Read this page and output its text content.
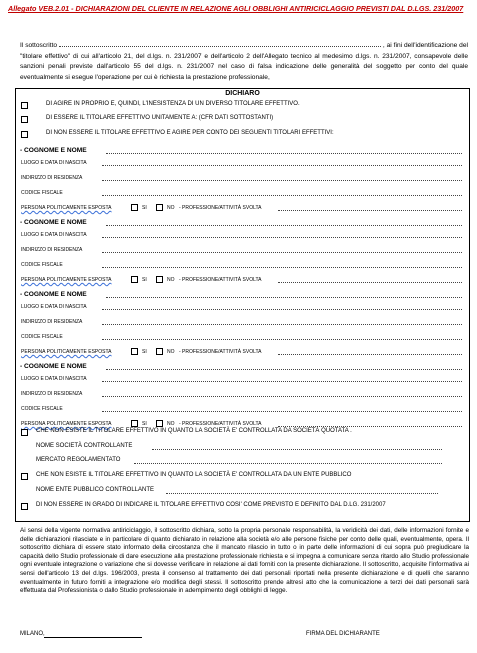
Allegato VEB.2.01 - DICHIARAZIONI DEL CLIENTE IN RELAZIONE AGLI OBBLIGHI ANTIRICICLAGGIO PREVISTI DAL D.LGS. 231/2007
Il sottoscritto	, ai fini dell'identificazione del "titolare effettivo" di cui all'articolo 21, del d.lgs. n. 231/2007 e dell'articolo 2 dell'Allegato tecnico al medesimo d.lgs. n. 231/2007, consapevole delle sanzioni penali previste dall'articolo 55 del d.lgs. n. 231/2007 nel caso di falsa indicazione delle generalità del soggetto per conto del quale eventualmente si esegue l'operazione per cui è richiesta la prestazione professionale,
DICHIARO
DI AGIRE IN PROPRIO E, QUINDI, L'INESISTENZA DI UN DIVERSO TITOLARE EFFETTIVO.
DI ESSERE IL TITOLARE EFFETTIVO UNITAMENTE A: (CFR DATI SOTTOSTANTI)
DI NON ESSERE IL TITOLARE EFFETTIVO E AGIRE PER CONTO DEI SEGUENTI TITOLARI EFFETTIVI:
- COGNOME E NOME
LUOGO E DATA DI NASCITA
INDIRIZZO DI RESIDENZA
CODICE FISCALE
PERSONA POLITICAMENTE ESPOSTA	SI	NO - PROFESSIONE/ATTIVITÀ SVOLTA
- COGNOME E NOME
LUOGO E DATA DI NASCITA
INDIRIZZO DI RESIDENZA
CODICE FISCALE
PERSONA POLITICAMENTE ESPOSTA	SI	NO - PROFESSIONE/ATTIVITÀ SVOLTA
- COGNOME E NOME
LUOGO E DATA DI NASCITA
INDIRIZZO DI RESIDENZA
CODICE FISCALE
PERSONA POLITICAMENTE ESPOSTA	SI	NO - PROFESSIONE/ATTIVITÀ SVOLTA
- COGNOME E NOME
LUOGO E DATA DI NASCITA
INDIRIZZO DI RESIDENZA
CODICE FISCALE
PERSONA POLITICAMENTE ESPOSTA	SI	NO - PROFESSIONE/ATTIVITÀ SVOLTA
CHE NON ESISTE IL TITOLARE EFFETTIVO IN QUANTO LA SOCIETÀ E' CONTROLLATA DA SOCIETÀ QUOTATA .
NOME SOCIETÀ CONTROLLANTE
MERCATO REGOLAMENTATO
CHE NON ESISTE IL TITOLARE EFFETTIVO IN QUANTO LA SOCIETÀ E' CONTROLLATA DA UN ENTE PUBBLICO
NOME ENTE PUBBLICO CONTROLLANTE
DI NON ESSERE IN GRADO DI INDICARE IL TITOLARE EFFETTIVO COSI' COME PREVISTO E DEFINITO DAL D.LG. 231/2007
Ai sensi della vigente normativa antiriciclaggio, il sottoscritto dichiara, sotto la propria personale responsabilità, la veridicità dei dati, delle informazioni fornite e delle dichiarazioni rilasciate e in particolare di quanto dichiarato in relazione alla società e/o alle persone fisiche per conto delle quali, eventualmente, opera. Il sottoscritto dichiara di essere stato informato della circostanza che il mancato rilascio in tutto o in parte delle informazioni di cui sopra può pregiudicare la capacità dello Studio professionale di dare esecuzione alla prestazione professionale richiesta e si impegna a comunicare senza ritardo allo Studio professionale ogni eventuale integrazione o variazione che si dovesse verificare in relazione ai dati forniti con la presente dichiarazione. Il sottoscritto, acquisite l'informativa ai sensi dell'articolo 13 del d.lgs. 196/2003, presta il consenso al trattamento dei dati personali riportati nella presente dichiarazione e di quelli che saranno eventualmente in futuro forniti a integrazione e/o modifica degli stessi. Il sottoscritto prende altresì atto che la comunicazione a terzi dei dati personali sarà effettuata dal Professionista o dallo Studio professionale in adempimento degli obblighi di legge.
MILANO,	FIRMA DEL DICHIARANTE
